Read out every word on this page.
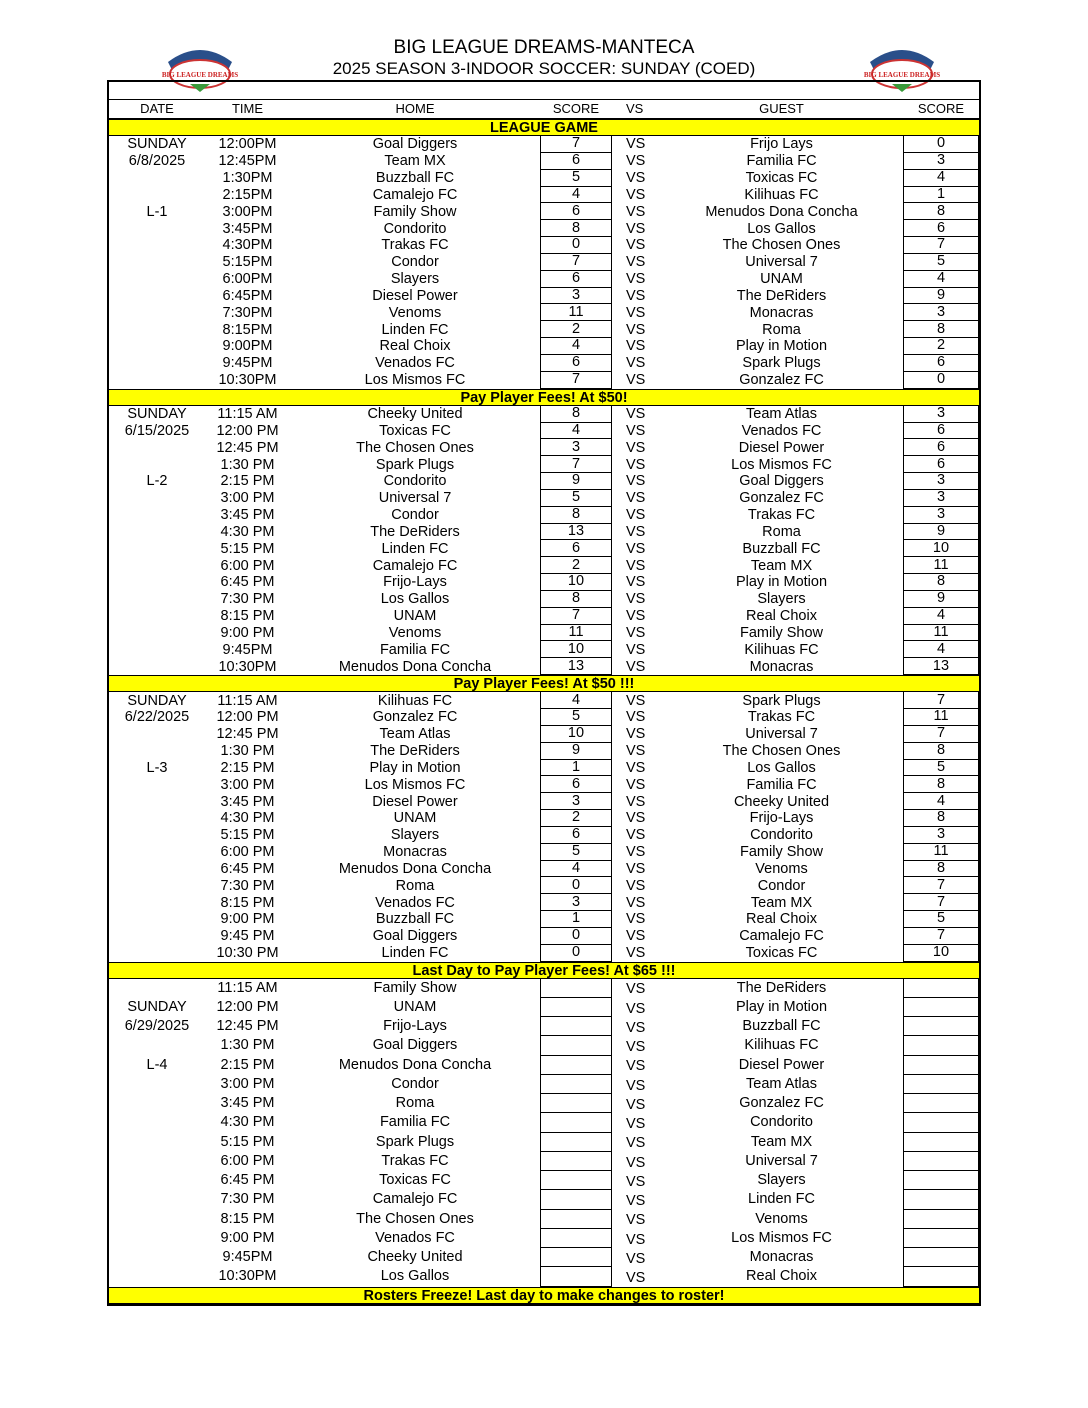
BIG LEAGUE DREAMS	BIG LEAGUE DREAMS
BIG LEAGUE DREAMS-MANTECA
2025 SEASON 3-INDOOR SOCCER: SUNDAY (COED)
DATE	TIME	HOME	SCORE	VS	GUEST	SCORE
LEAGUE GAME
SUNDAY	12:00PM	Goal Diggers	7	VS	Frijo Lays	0
6/8/2025	12:45PM	Team MX	6	VS	Familia FC	3
1:30PM	Buzzball FC	5	VS	Toxicas FC	4
2:15PM	Camalejo FC	4	VS	Kilihuas FC	1
L-1	3:00PM	Family Show	6	VS	Menudos Dona Concha	8
3:45PM	Condorito	8	VS	Los Gallos	6
4:30PM	Trakas FC	0	VS	The Chosen Ones	7
5:15PM	Condor	7	VS	Universal 7	5
6:00PM	Slayers	6	VS	UNAM	4
6:45PM	Diesel Power	3	VS	The DeRiders	9
7:30PM	Venoms	11	VS	Monacras	3
8:15PM	Linden FC	2	VS	Roma	8
9:00PM	Real Choix	4	VS	Play in Motion	2
9:45PM	Venados FC	6	VS	Spark Plugs	6
10:30PM	Los Mismos FC	7	VS	Gonzalez FC	0
Pay Player Fees! At $50!
SUNDAY	11:15 AM	Cheeky United	8	VS	Team Atlas	3
6/15/2025	12:00 PM	Toxicas FC	4	VS	Venados FC	6
12:45 PM	The Chosen Ones	3	VS	Diesel Power	6
1:30 PM	Spark Plugs	7	VS	Los Mismos FC	6
L-2	2:15 PM	Condorito	9	VS	Goal Diggers	3
3:00 PM	Universal 7	5	VS	Gonzalez FC	3
3:45 PM	Condor	8	VS	Trakas FC	3
4:30 PM	The DeRiders	13	VS	Roma	9
5:15 PM	Linden FC	6	VS	Buzzball FC	10
6:00 PM	Camalejo FC	2	VS	Team MX	11
6:45 PM	Frijo-Lays	10	VS	Play in Motion	8
7:30 PM	Los Gallos	8	VS	Slayers	9
8:15 PM	UNAM	7	VS	Real Choix	4
9:00 PM	Venoms	11	VS	Family Show	11
9:45PM	Familia FC	10	VS	Kilihuas FC	4
10:30PM	Menudos Dona Concha	13	VS	Monacras	13
Pay Player Fees! At $50 !!!
SUNDAY	11:15 AM	Kilihuas FC	4	VS	Spark Plugs	7
6/22/2025	12:00 PM	Gonzalez FC	5	VS	Trakas FC	11
12:45 PM	Team Atlas	10	VS	Universal 7	7
1:30 PM	The DeRiders	9	VS	The Chosen Ones	8
L-3	2:15 PM	Play in Motion	1	VS	Los Gallos	5
3:00 PM	Los Mismos FC	6	VS	Familia FC	8
3:45 PM	Diesel Power	3	VS	Cheeky United	4
4:30 PM	UNAM	2	VS	Frijo-Lays	8
5:15 PM	Slayers	6	VS	Condorito	3
6:00 PM	Monacras	5	VS	Family Show	11
6:45 PM	Menudos Dona Concha	4	VS	Venoms	8
7:30 PM	Roma	0	VS	Condor	7
8:15 PM	Venados FC	3	VS	Team MX	7
9:00 PM	Buzzball FC	1	VS	Real Choix	5
9:45 PM	Goal Diggers	0	VS	Camalejo FC	7
10:30 PM	Linden FC	0	VS	Toxicas FC	10
Last Day to Pay Player Fees! At $65 !!!
11:15 AM	Family Show	VS	The DeRiders
SUNDAY	12:00 PM	UNAM	VS	Play in Motion
6/29/2025	12:45 PM	Frijo-Lays	VS	Buzzball FC
1:30 PM	Goal Diggers	VS	Kilihuas FC
L-4	2:15 PM	Menudos Dona Concha	VS	Diesel Power
3:00 PM	Condor	VS	Team Atlas
3:45 PM	Roma	VS	Gonzalez FC
4:30 PM	Familia FC	VS	Condorito
5:15 PM	Spark Plugs	VS	Team MX
6:00 PM	Trakas FC	VS	Universal 7
6:45 PM	Toxicas FC	VS	Slayers
7:30 PM	Camalejo FC	VS	Linden FC
8:15 PM	The Chosen Ones	VS	Venoms
9:00 PM	Venados FC	VS	Los Mismos FC
9:45PM	Cheeky United	VS	Monacras
10:30PM	Los Gallos	VS	Real Choix
Rosters Freeze! Last day to make changes to roster!
